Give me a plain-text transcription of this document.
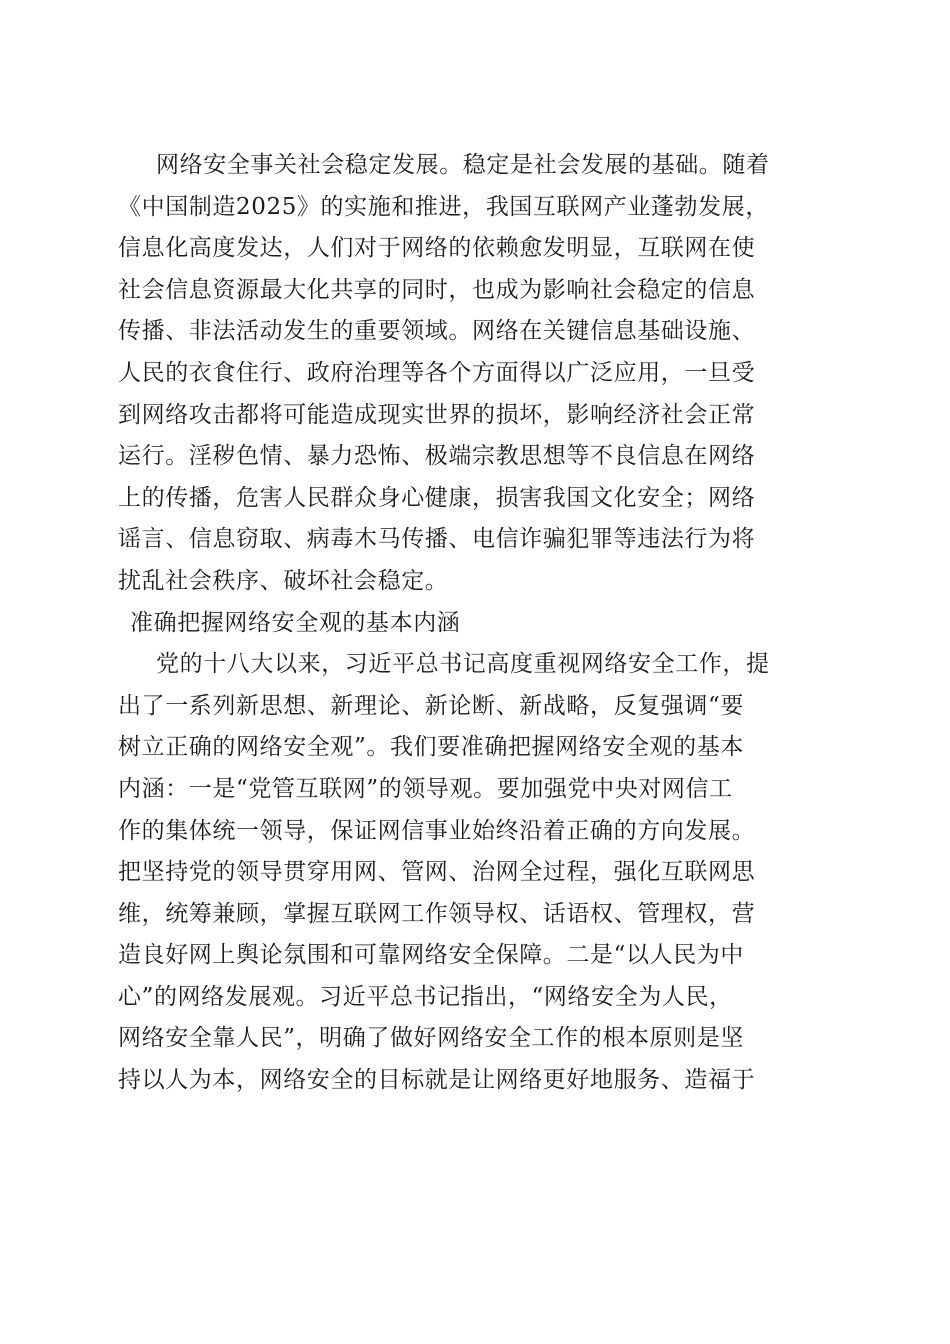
网络安全事关社会稳定发展。稳定是社会发展的基础。随着
《中国制造2025》的实施和推进，我国互联网产业蓬勃发展，
信息化高度发达，人们对于网络的依赖愈发明显，互联网在使
社会信息资源最大化共享的同时，也成为影响社会稳定的信息
传播、非法活动发生的重要领域。网络在关键信息基础设施、
人民的衣食住行、政府治理等各个方面得以广泛应用，一旦受
到网络攻击都将可能造成现实世界的损坏，影响经济社会正常
运行。淫秽色情、暴力恐怖、极端宗教思想等不良信息在网络
上的传播，危害人民群众身心健康，损害我国文化安全；网络
谣言、信息窃取、病毒木马传播、电信诈骗犯罪等违法行为将
扰乱社会秩序、破坏社会稳定。
准确把握网络安全观的基本内涵
党的十八大以来，习近平总书记高度重视网络安全工作，提
出了一系列新思想、新理论、新论断、新战略，反复强调“要
树立正确的网络安全观”。我们要准确把握网络安全观的基本
内涵：一是“党管互联网”的领导观。要加强党中央对网信工
作的集体统一领导，保证网信事业始终沿着正确的方向发展。
把坚持党的领导贯穿用网、管网、治网全过程，强化互联网思
维，统筹兼顾，掌握互联网工作领导权、话语权、管理权，营
造良好网上舆论氛围和可靠网络安全保障。二是“以人民为中
心”的网络发展观。习近平总书记指出，“网络安全为人民，
网络安全靠人民”，明确了做好网络安全工作的根本原则是坚
持以人为本，网络安全的目标就是让网络更好地服务、造福于
